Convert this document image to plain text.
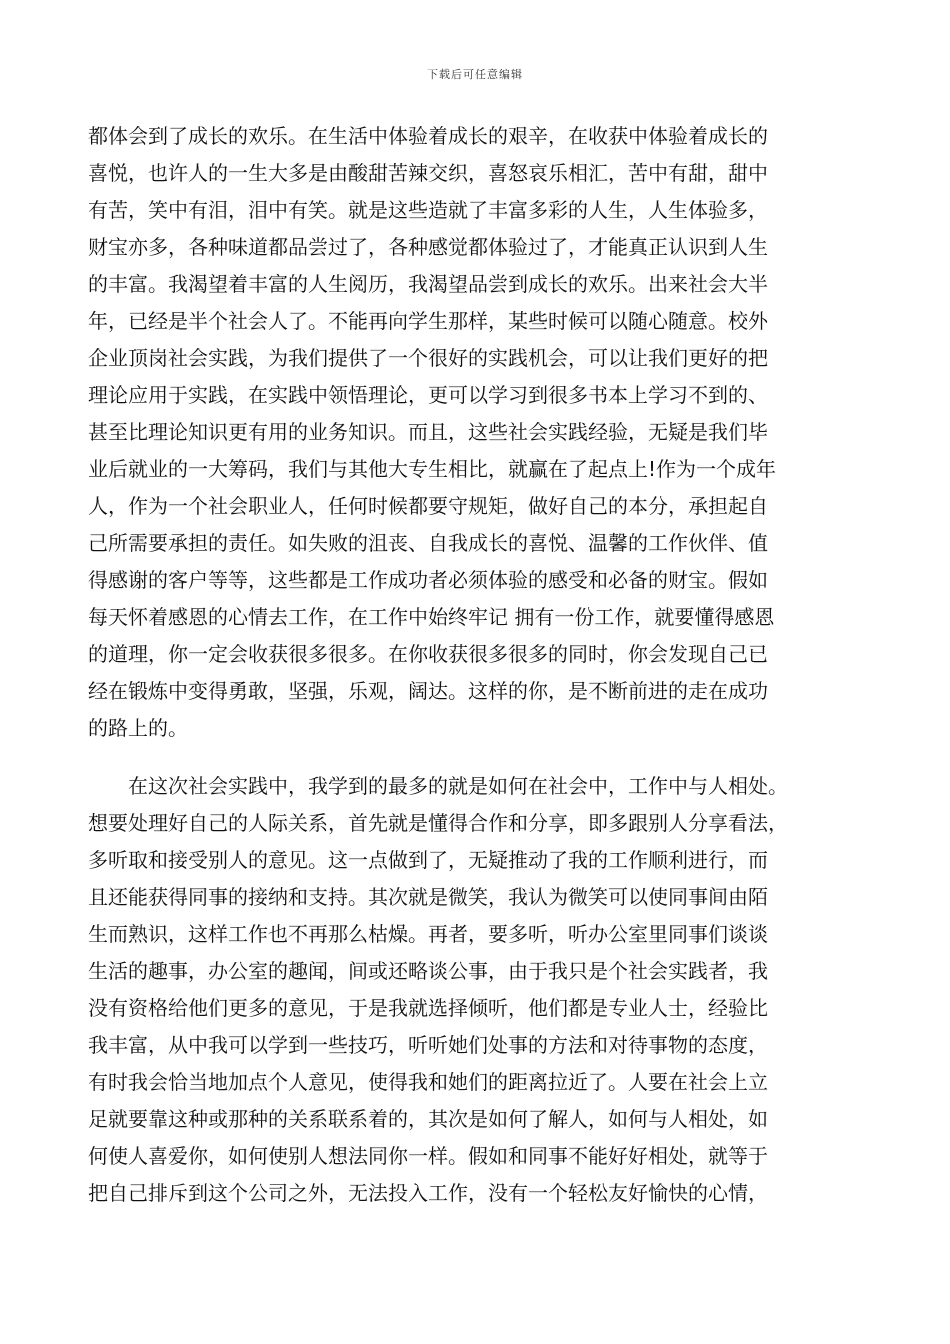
下载后可任意编辑
都体会到了成长的欢乐。在生活中体验着成长的艰辛，在收获中体验着成长的
喜悦，也许人的一生大多是由酸甜苦辣交织，喜怒哀乐相汇，苦中有甜，甜中
有苦，笑中有泪，泪中有笑。就是这些造就了丰富多彩的人生，人生体验多，
财宝亦多，各种味道都品尝过了，各种感觉都体验过了，才能真正认识到人生
的丰富。我渴望着丰富的人生阅历，我渴望品尝到成长的欢乐。出来社会大半
年，已经是半个社会人了。不能再向学生那样，某些时候可以随心随意。校外
企业顶岗社会实践，为我们提供了一个很好的实践机会，可以让我们更好的把
理论应用于实践，在实践中领悟理论，更可以学习到很多书本上学习不到的、
甚至比理论知识更有用的业务知识。而且，这些社会实践经验，无疑是我们毕
业后就业的一大筹码，我们与其他大专生相比，就赢在了起点上!作为一个成年
人，作为一个社会职业人，任何时候都要守规矩，做好自己的本分，承担起自
己所需要承担的责任。如失败的沮丧、自我成长的喜悦、温馨的工作伙伴、值
得感谢的客户等等，这些都是工作成功者必须体验的感受和必备的财宝。假如
每天怀着感恩的心情去工作，在工作中始终牢记 拥有一份工作，就要懂得感恩
的道理，你一定会收获很多很多。在你收获很多很多的同时，你会发现自己已
经在锻炼中变得勇敢，坚强，乐观，阔达。这样的你，是不断前进的走在成功
的路上的。
　　在这次社会实践中，我学到的最多的就是如何在社会中，工作中与人相处。
想要处理好自己的人际关系，首先就是懂得合作和分享，即多跟别人分享看法，
多听取和接受别人的意见。这一点做到了，无疑推动了我的工作顺利进行，而
且还能获得同事的接纳和支持。其次就是微笑，我认为微笑可以使同事间由陌
生而熟识，这样工作也不再那么枯燥。再者，要多听，听办公室里同事们谈谈
生活的趣事，办公室的趣闻，间或还略谈公事，由于我只是个社会实践者，我
没有资格给他们更多的意见，于是我就选择倾听，他们都是专业人士，经验比
我丰富，从中我可以学到一些技巧，听听她们处事的方法和对待事物的态度，
有时我会恰当地加点个人意见，使得我和她们的距离拉近了。人要在社会上立
足就要靠这种或那种的关系联系着的，其次是如何了解人，如何与人相处，如
何使人喜爱你，如何使别人想法同你一样。假如和同事不能好好相处，就等于
把自己排斥到这个公司之外，无法投入工作，没有一个轻松友好愉快的心情，
